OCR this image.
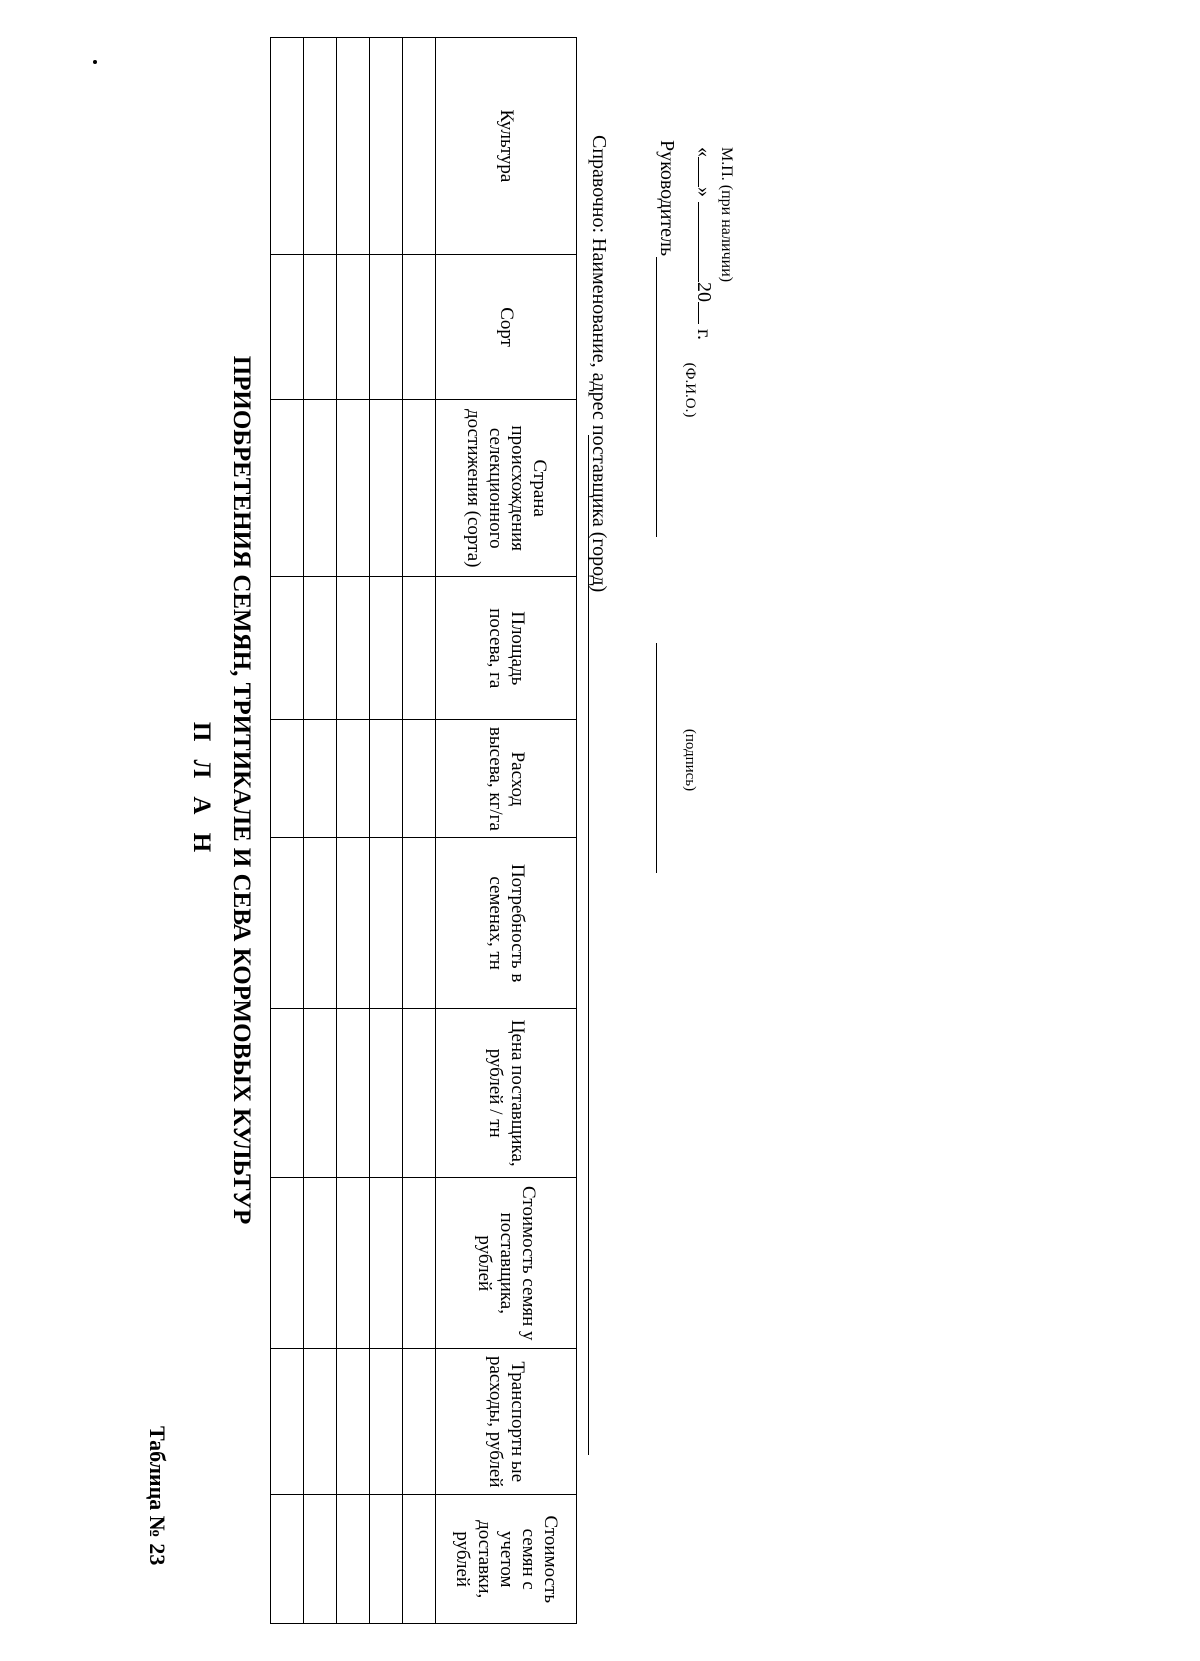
Таблица № 23
П Л А Н ПРИОБРЕТЕНИЯ СЕМЯН, ТРИТИКАЛЕ И СЕВА КОРМОВЫХ КУЛЬТУР
Культура	Сорт	Страна происхождения селекционного достижения (сорта)	Площадь посева, га	Расход высева, кг/га	Потребность в семенах, тн	Цена поставщика, рублей / тн	Стоимость семян у поставщика, рублей	Транспортн ые расходы, рублей	Стоимость семян с учетом доставки, рублей

Справочно: Наименование, адрес поставщика (город) Руководитель
(Ф.И.О.)
(подпись)
«» 20 г.
М.П. (при наличии)
